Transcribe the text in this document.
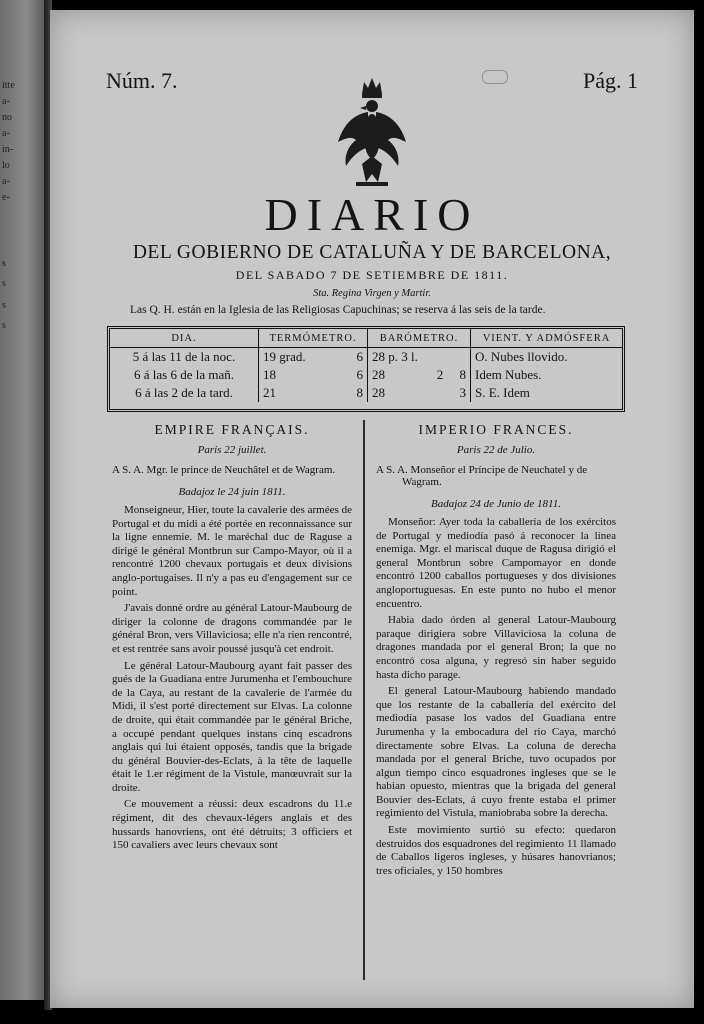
itte
a-
no
a-
in-
lo
a-
e-
s
s
s
s
Núm. 7.	Pág. 1
DIARIO
DEL GOBIERNO DE CATALUÑA Y DE BARCELONA,
DEL SABADO 7 DE SETIEMBRE DE 1811.
Sta. Regina Virgen y Martir.
Las Q. H. están en la Iglesia de las Religiosas Capuchinas; se reserva á las seis de la tarde.
DIA.	TERMÓMETRO.	BARÓMETRO.	VIENT. Y ADMÓSFERA
5 á las 11 de la noc.	19 grad. 6	28 p. 3 l.	O. Nubes llovido.
6 á las 6 de la mañ.	18 6	28 2     8	Idem Nubes.
6 á las 2 de la tard.	21 8	28 3	S. E. Idem
EMPIRE FRANÇAIS.
Paris 22 juillet.
A S. A. Mgr. le prince de Neuchâtel et de Wagram.
Badajoz le 24 juin 1811.

Monseigneur, Hier, toute la cavalerie des armées de Portugal et du midi a été portée en reconnaissance sur la ligne ennemie. M. le maréchal duc de Raguse a dirigé le général Montbrun sur Campo-Mayor, où il a rencontré 1200 chevaux portugais et deux divisions anglo-portugaises. Il n'y a pas eu d'engagement sur ce point.

J'avais donné ordre au général Latour-Maubourg de diriger la colonne de dragons commandée par le général Bron, vers Villaviciosa; elle n'a rien rencontré, et est rentrée sans avoir poussé jusqu'à cet endroit.

Le général Latour-Maubourg ayant fait passer des gués de la Guadiana entre Jurumenha et l'embouchure de la Caya, au restant de la cavalerie de l'armée du Midi, il s'est porté directement sur Elvas. La colonne de droite, qui était commandée par le général Briche, a occupé pendant quelques instans cinq escadrons anglais qui lui étaient opposés, tandis que la brigade du général Bouvier-des-Eclats, à la tête de laquelle était le 1.er régiment de la Vistule, manœuvrait sur la droite.

Ce mouvement a réussi: deux escadrons du 11.e régiment, dit des chevaux-légers anglais et des hussards hanovriens, ont été détruits; 3 officiers et 150 cavaliers avec leurs chevaux sont

IMPERIO FRANCES.
Paris 22 de Julio.
A S. A. Monseñor el Príncipe de Neuchatel y de Wagram.
Badajoz 24 de Junio de 1811.

Monseñor: Ayer toda la caballería de los exércitos de Portugal y mediodía pasó á reconocer la línea enemiga. Mgr. el mariscal duque de Ragusa dirigió el general Montbrun sobre Campomayor en donde encontró 1200 caballos portugueses y dos divisiones angloportuguesas. En este punto no hubo el menor encuentro.

Habia dado órden al general Latour-Maubourg paraque dirigiera sobre Villaviciosa la coluna de dragones mandada por el general Bron; la que no encontró cosa alguna, y regresó sin haber seguido hasta dicho parage.

El general Latour-Maubourg habiendo mandado que los restante de la caballería del exército del mediodía pasase los vados del Guadiana entre Jurumenha y la embocadura del rio Caya, marchó directamente sobre Elvas. La coluna de derecha mandada por el general Briche, tuvo ocupados por algun tiempo cinco esquadrones ingleses que se le habian opuesto, mientras que la brigada del general Bouvier des-Eclats, á cuyo frente estaba el primer regimiento del Vistula, maniobraba sobre la derecha.

Este movimiento surtió su efecto: quedaron destruidos dos esquadrones del regimiento 11 llamado de Caballos ligeros ingleses, y húsares hanovrianos; tres oficiales, y 150 hombres
